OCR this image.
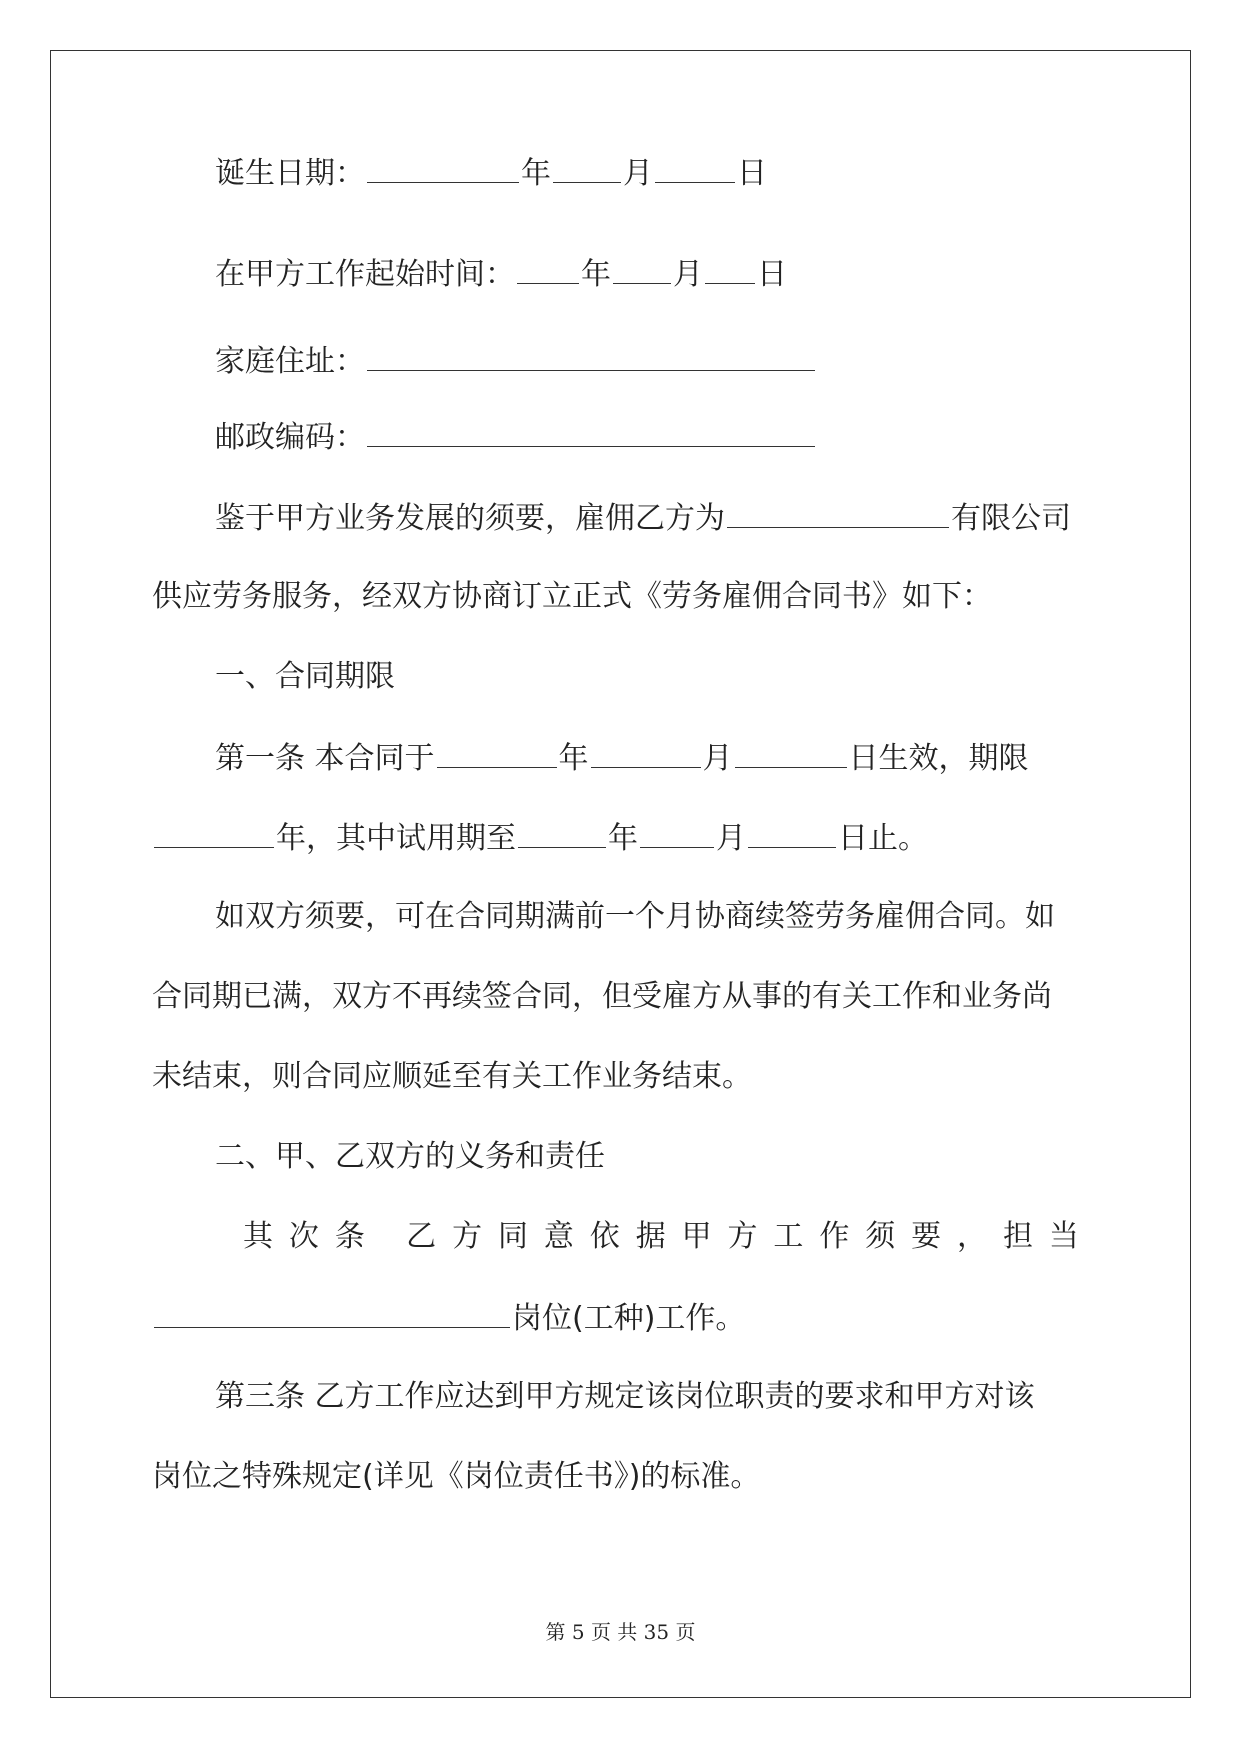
诞生日期：	年 月	日
在甲方工作起始时间： 年 月 日
家庭住址：
邮政编码：
鉴于甲方业务发展的须要，雇佣乙方为	有限公司
供应劳务服务，经双方协商订立正式《劳务雇佣合同书》如下：
一、合同期限
第一条 本合同于	年	月	日生效，期限
年，其中试用期至	年	月	日止。
如双方须要，可在合同期满前一个月协商续签劳务雇佣合同。如
合同期已满，双方不再续签合同，但受雇方从事的有关工作和业务尚
未结束，则合同应顺延至有关工作业务结束。
二、甲、乙双方的义务和责任
其 次 条
乙 方 同 意 依 据 甲 方 工 作 须 要 ， 担 当
岗位(工种)工作。
第三条 乙方工作应达到甲方规定该岗位职责的要求和甲方对该
岗位之特殊规定(详见《岗位责任书》)的标准。
第 5 页 共 35 页
